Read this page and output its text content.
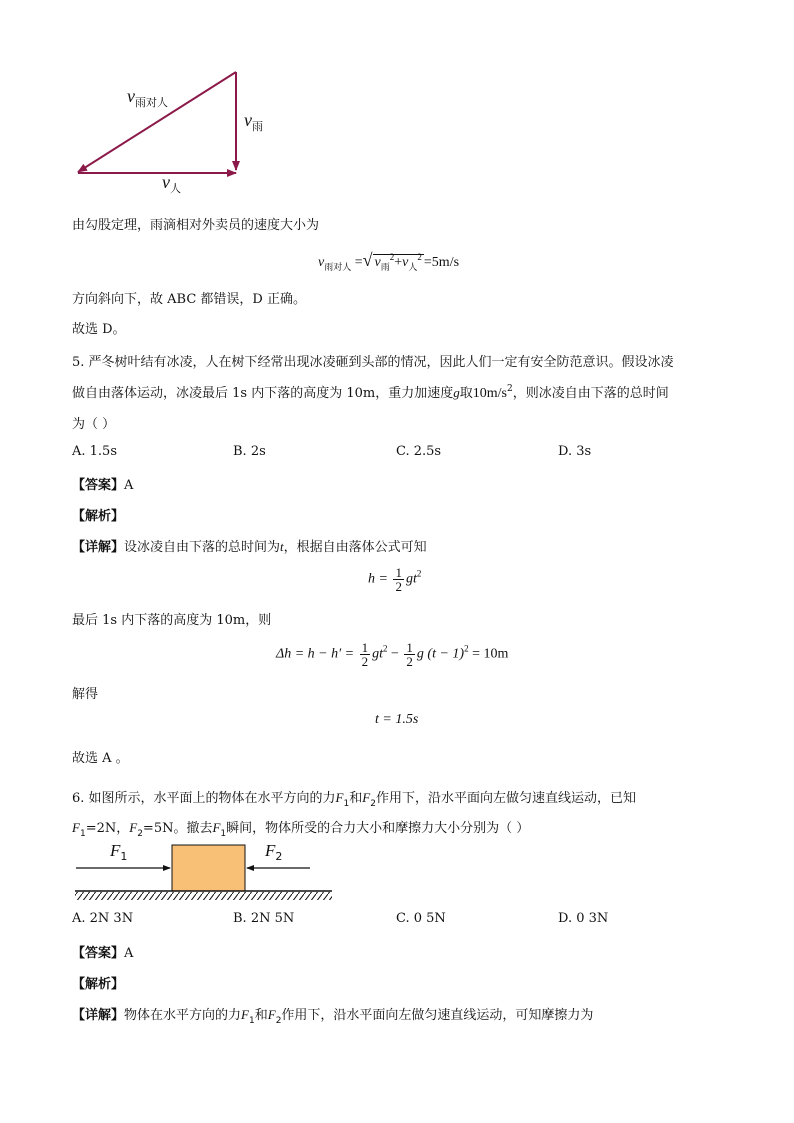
$v_{雨对人}$
$v_雨$
$v_人$
由勾股定理，雨滴相对外卖员的速度大小为
$v_{雨对人}$ =√ $v_雨^2+v_人^2 =5m/s$
方向斜向下，故 ABC 都错误，D 正确。
故选 D。
5. 严冬树叶结有冰凌，人在树下经常出现冰凌砸到头部的情况，因此人们一定有安全防范意识。假设冰凌
做自由落体运动，冰凌最后 1s 内下落的高度为 10m，重力加速度g取$10m/s^2$，则冰凌自由下落的总时间
为（ ）
A. 1.5s	B. 2s	C. 2.5s	D. 3s
【答案】A
【解析】
【详解】设冰凌自由下落的总时间为t，根据自由落体公式可知
$h = \frac{1}{2} gt^2$
最后 1s 内下落的高度为 10m，则
$\Delta h = h - h' = \frac{1}{2} gt^2 - \frac{1}{2}$ g $(t - 1)^2 = 10m$
解得
t = 1.5s
故选 A 。
6. 如图所示，水平面上的物体在水平方向的力$F_1$和$F_2$作用下，沿水平面向左做匀速直线运动，已知
$F_1=2N$，$F_2=5N$。撤去$F_1$瞬间，物体所受的合力大小和摩擦力大小分别为（ ）
$F_1$	$F_2$
A. 2N 3N	B. 2N 5N	C. 0 5N	D. 0 3N
【答案】A
【解析】
【详解】物体在水平方向的力$F_1$和$F_2$作用下，沿水平面向左做匀速直线运动，可知摩擦力为
